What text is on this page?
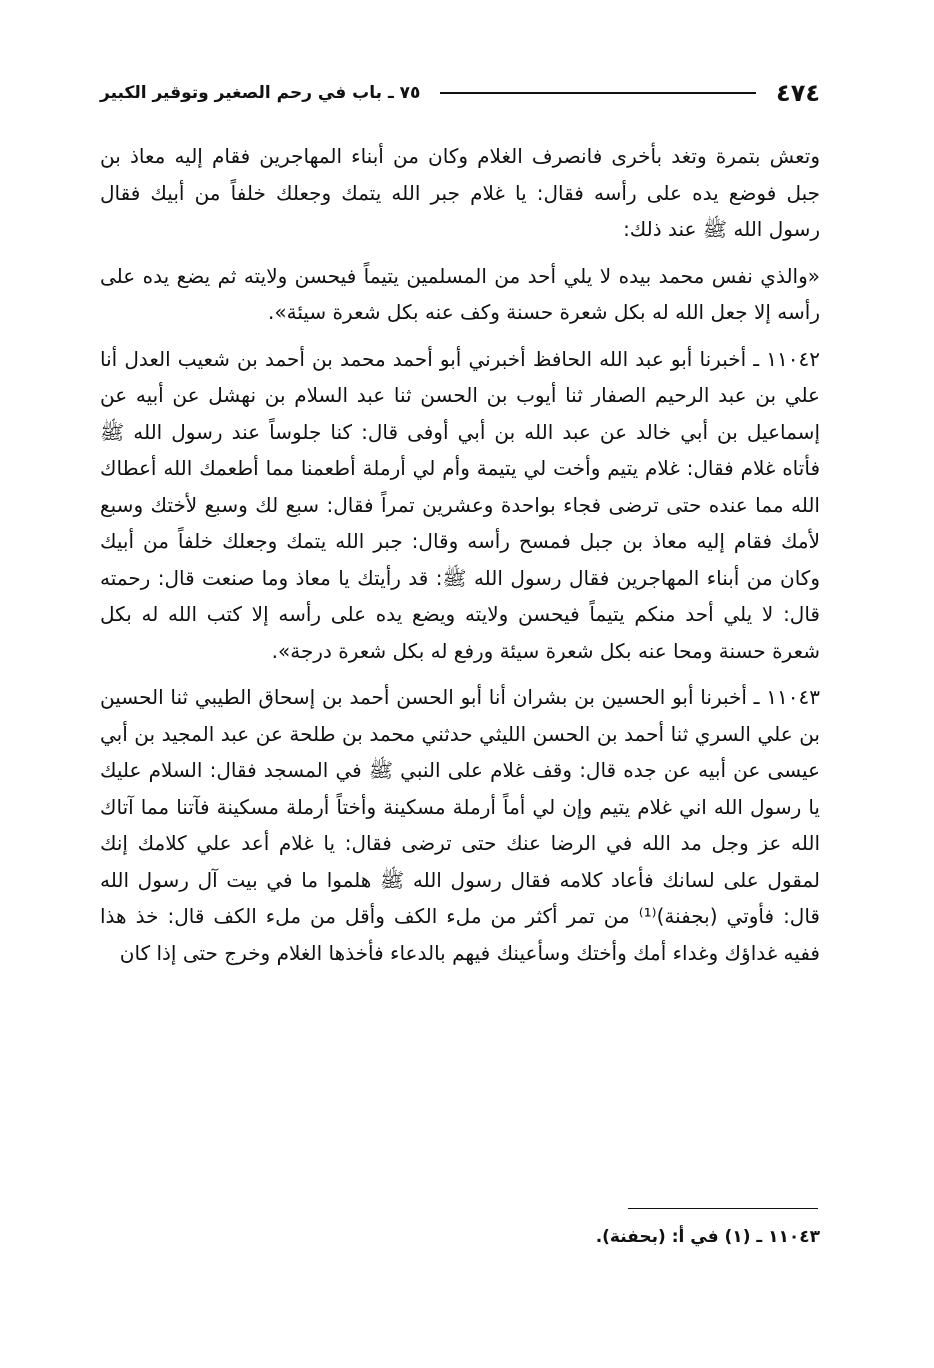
٤٧٤
٧٥ ـ باب في رحم الصغير وتوقير الكبير

وتعش بتمرة وتغد بأخرى فانصرف الغلام وكان من أبناء المهاجرين فقام إليه معاذ بن جبل فوضع يده على رأسه فقال: يا غلام جبر الله يتمك وجعلك خلفاً من أبيك فقال رسول الله ﷺ عند ذلك:

«والذي نفس محمد بيده لا يلي أحد من المسلمين يتيماً فيحسن ولايته ثم يضع يده على رأسه إلا جعل الله له بكل شعرة حسنة وكف عنه بكل شعرة سيئة».

١١٠٤٢ ـ أخبرنا أبو عبد الله الحافظ أخبرني أبو أحمد محمد بن أحمد بن شعيب العدل أنا علي بن عبد الرحيم الصفار ثنا أيوب بن الحسن ثنا عبد السلام بن نهشل عن أبيه عن إسماعيل بن أبي خالد عن عبد الله بن أبي أوفى قال: كنا جلوساً عند رسول الله ﷺ فأتاه غلام فقال: غلام يتيم وأخت لي يتيمة وأم لي أرملة أطعمنا مما أطعمك الله أعطاك الله مما عنده حتى ترضى فجاء بواحدة وعشرين تمراً فقال: سبع لك وسبع لأختك وسبع لأمك فقام إليه معاذ بن جبل فمسح رأسه وقال: جبر الله يتمك وجعلك خلفاً من أبيك وكان من أبناء المهاجرين فقال رسول الله ﷺ: قد رأيتك يا معاذ وما صنعت قال: رحمته قال: لا يلي أحد منكم يتيماً فيحسن ولايته ويضع يده على رأسه إلا كتب الله له بكل شعرة حسنة ومحا عنه بكل شعرة سيئة ورفع له بكل شعرة درجة».

١١٠٤٣ ـ أخبرنا أبو الحسين بن بشران أنا أبو الحسن أحمد بن إسحاق الطيبي ثنا الحسين بن علي السري ثنا أحمد بن الحسن الليثي حدثني محمد بن طلحة عن عبد المجيد بن أبي عيسى عن أبيه عن جده قال: وقف غلام على النبي ﷺ في المسجد فقال: السلام عليك يا رسول الله اني غلام يتيم وإن لي أماً أرملة مسكينة وأختاً أرملة مسكينة فآتنا مما آتاك الله عز وجل مد الله في الرضا عنك حتى ترضى فقال: يا غلام أعد علي كلامك إنك لمقول على لسانك فأعاد كلامه فقال رسول الله ﷺ هلموا ما في بيت آل رسول الله قال: فأوتي (بجفنة)⁽¹⁾ من تمر أكثر من ملء الكف وأقل من ملء الكف قال: خذ هذا ففيه غداؤك وغداء أمك وأختك وسأعينك فيهم بالدعاء فأخذها الغلام وخرج حتى إذا كان

١١٠٤٣ ـ (١) في أ: (بحفنة).
